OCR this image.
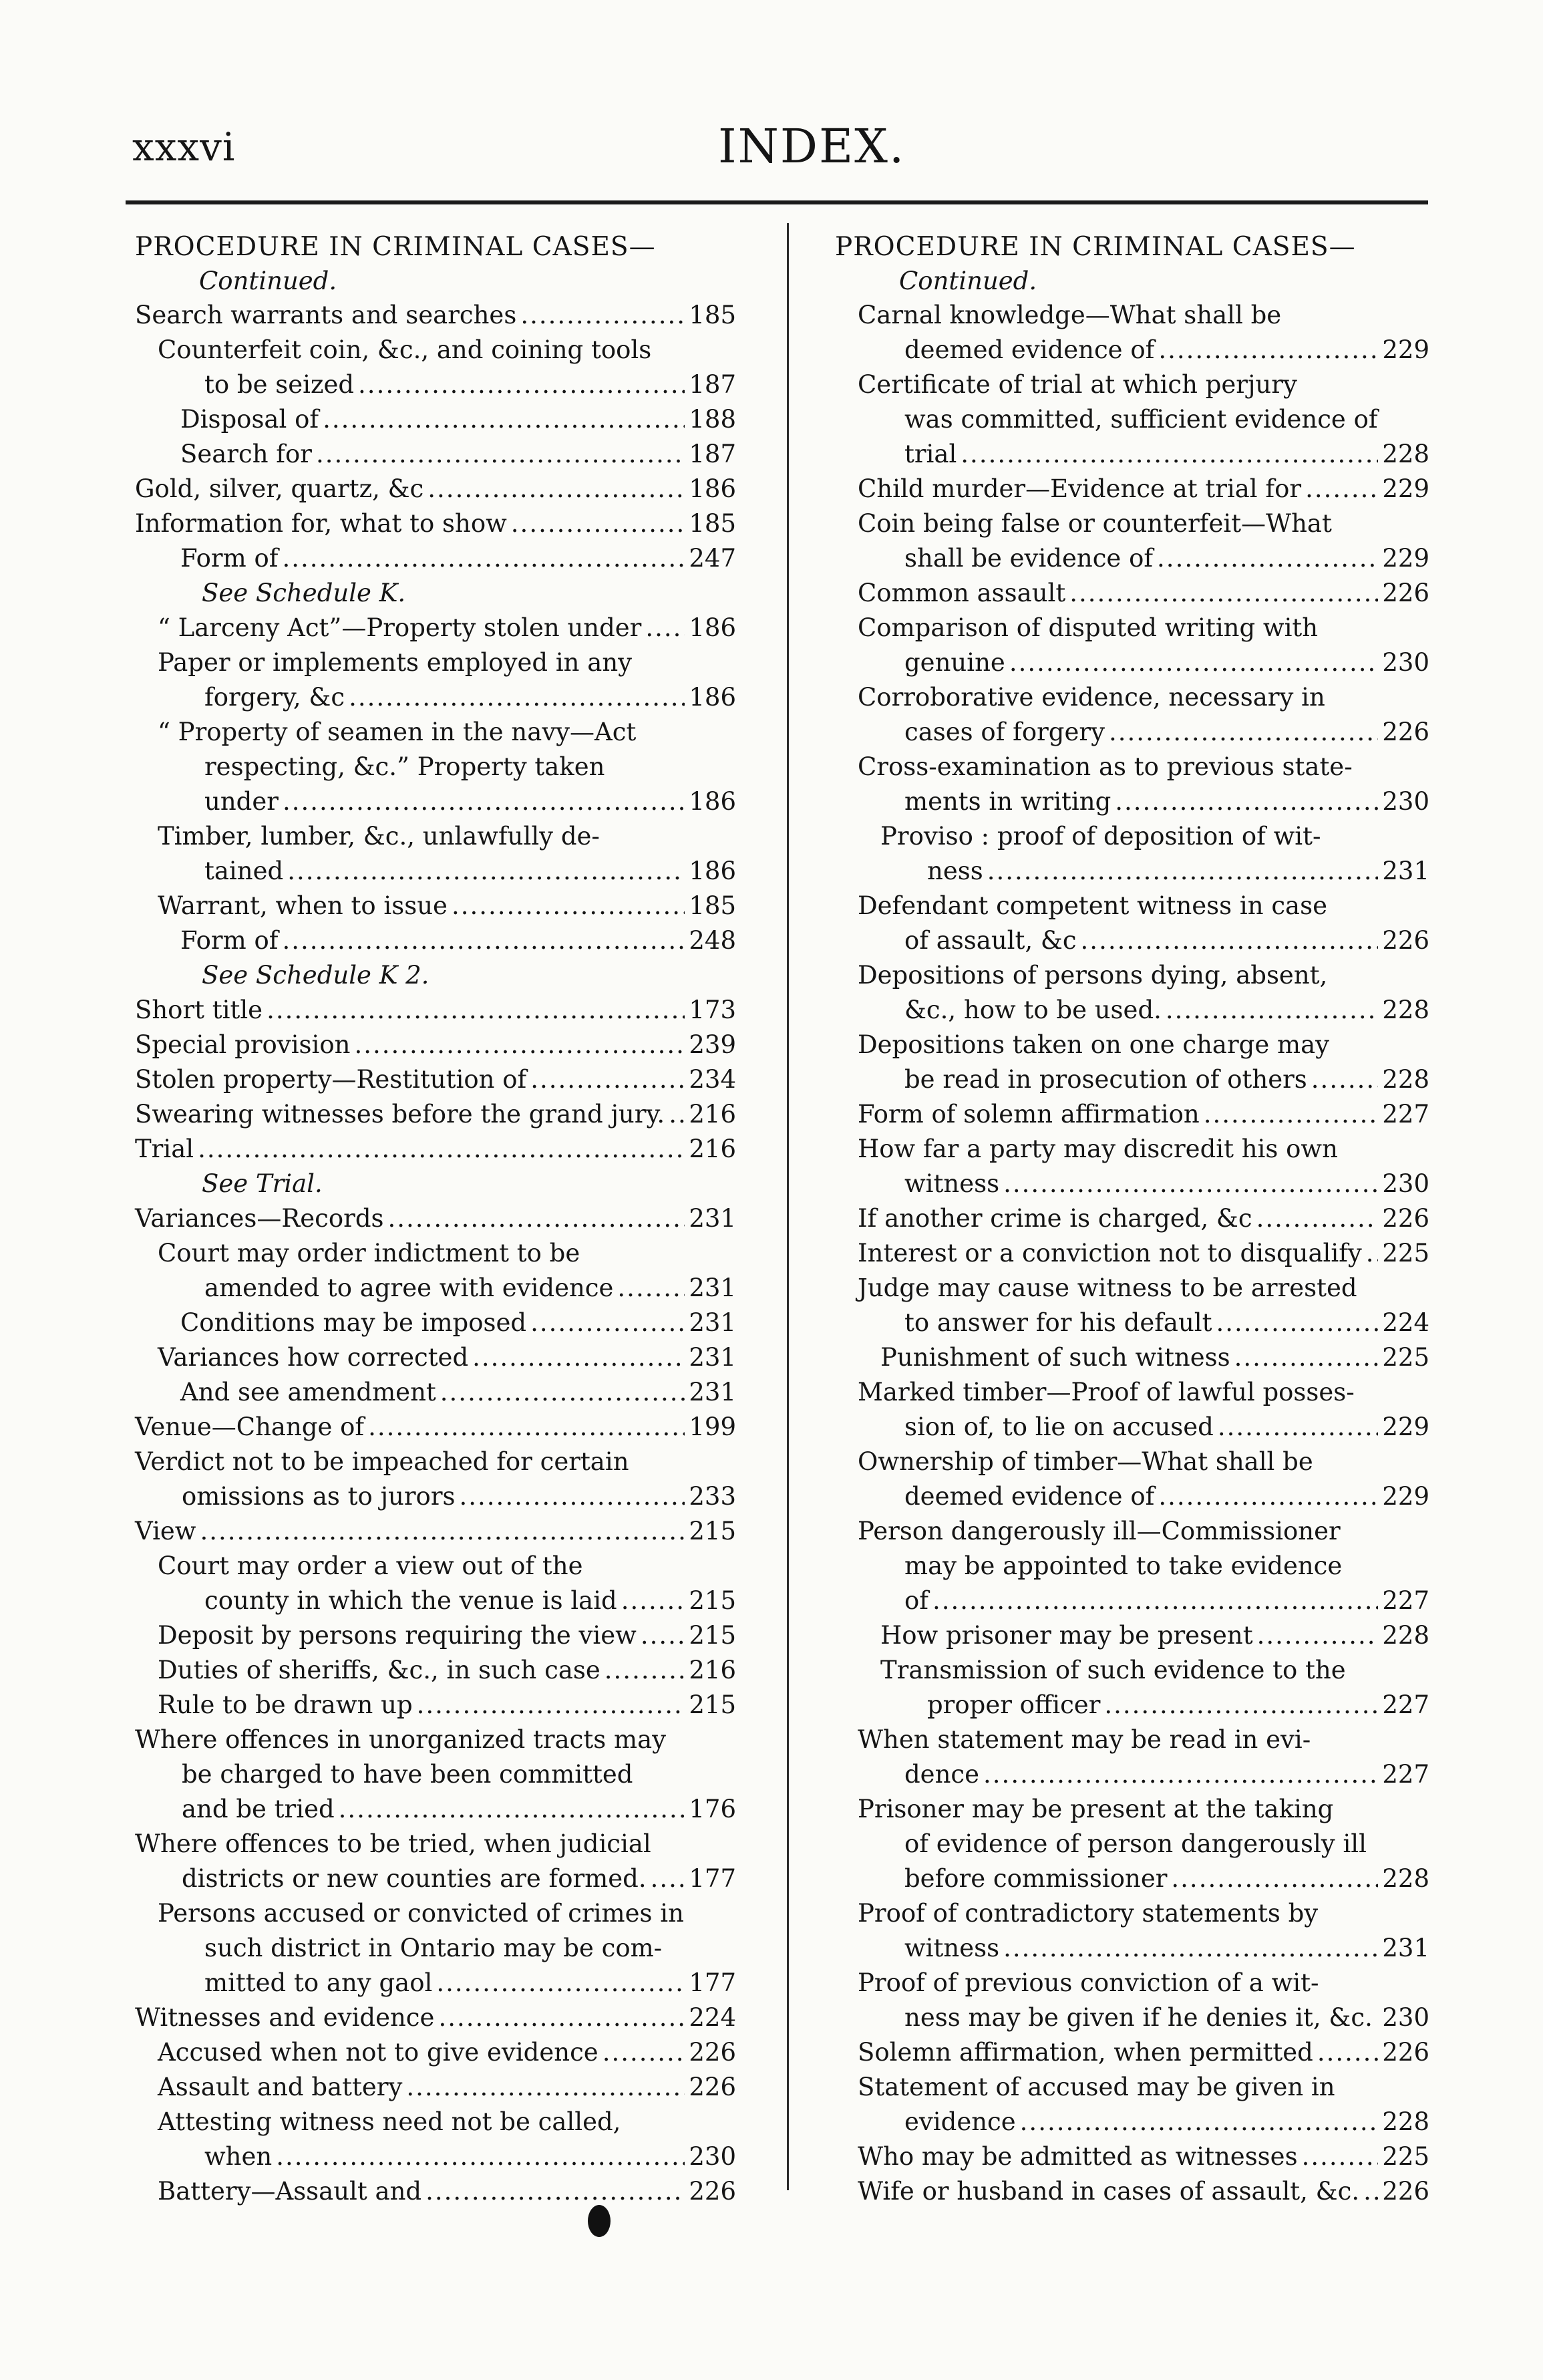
xxxvi	INDEX.
PROCEDURE IN CRIMINAL CASES—
Continued.
Search warrants and searches .....	185
Counterfeit coin, &c., and coining tools
to be seized .....	187
Disposal of .....	188
Search for .....	187
Gold, silver, quartz, &c .....	186
Information for, what to show .....	185
Form of .....	247
See Schedule K.
“ Larceny Act”—Property stolen under ..... 186
Paper or implements employed in any
forgery, &c .....	186
“ Property of seamen in the navy—Act
respecting, &c.” Property taken
under .....	186
Timber, lumber, &c., unlawfully de-
tained .....	186
Warrant, when to issue .....	185
Form of .....	248
See Schedule K 2.
Short title .....	173
Special provision .....	239
Stolen property—Restitution of .....	234
Swearing witnesses before the grand jury. ..... 216
Trial .....	216
See Trial.
Variances—Records .....	231
Court may order indictment to be
amended to agree with evidence .....	231
Conditions may be imposed .....	231
Variances how corrected .....	231
And see amendment .....	231
Venue—Change of .....	199
Verdict not to be impeached for certain
omissions as to jurors .....	233
View .....	215
Court may order a view out of the
county in which the venue is laid .....	215
Deposit by persons requiring the view ..... 215
Duties of sheriffs, &c., in such case .....	216
Rule to be drawn up .....	215
Where offences in unorganized tracts may
be charged to have been committed
and be tried .....	176
Where offences to be tried, when judicial
districts or new counties are formed. ..... 177
Persons accused or convicted of crimes in
such district in Ontario may be com-
mitted to any gaol .....	177
Witnesses and evidence .....	224
Accused when not to give evidence .....	226
Assault and battery .....	226
Attesting witness need not be called,
when .....	230
Battery—Assault and .....	226
PROCEDURE IN CRIMINAL CASES—
Continued.
Carnal knowledge—What shall be
deemed evidence of .....	229
Certificate of trial at which perjury
was committed, sufficient evidence of
trial .....	228
Child murder—Evidence at trial for .....	229
Coin being false or counterfeit—What
shall be evidence of .....	229
Common assault .....	226
Comparison of disputed writing with
genuine .....	230
Corroborative evidence, necessary in
cases of forgery .....	226
Cross-examination as to previous state-
ments in writing .....	230
Proviso : proof of deposition of wit-
ness .....	231
Defendant competent witness in case
of assault, &c .....	226
Depositions of persons dying, absent,
&c., how to be used. .....	228
Depositions taken on one charge may
be read in prosecution of others .....	228
Form of solemn affirmation .....	227
How far a party may discredit his own
witness .....	230
If another crime is charged, &c .....	226
Interest or a conviction not to disqualify ..... 225
Judge may cause witness to be arrested
to answer for his default .....	224
Punishment of such witness .....	225
Marked timber—Proof of lawful posses-
sion of, to lie on accused .....	229
Ownership of timber—What shall be
deemed evidence of .....	229
Person dangerously ill—Commissioner
may be appointed to take evidence
of .....	227
How prisoner may be present .....	228
Transmission of such evidence to the
proper officer .....	227
When statement may be read in evi-
dence .....	227
Prisoner may be present at the taking
of evidence of person dangerously ill
before commissioner .....	228
Proof of contradictory statements by
witness .....	231
Proof of previous conviction of a wit-
ness may be given if he denies it, &c. ..... 230
Solemn affirmation, when permitted .....	226
Statement of accused may be given in
evidence .....	228
Who may be admitted as witnesses .....	225
Wife or husband in cases of assault, &c. ..... 226
